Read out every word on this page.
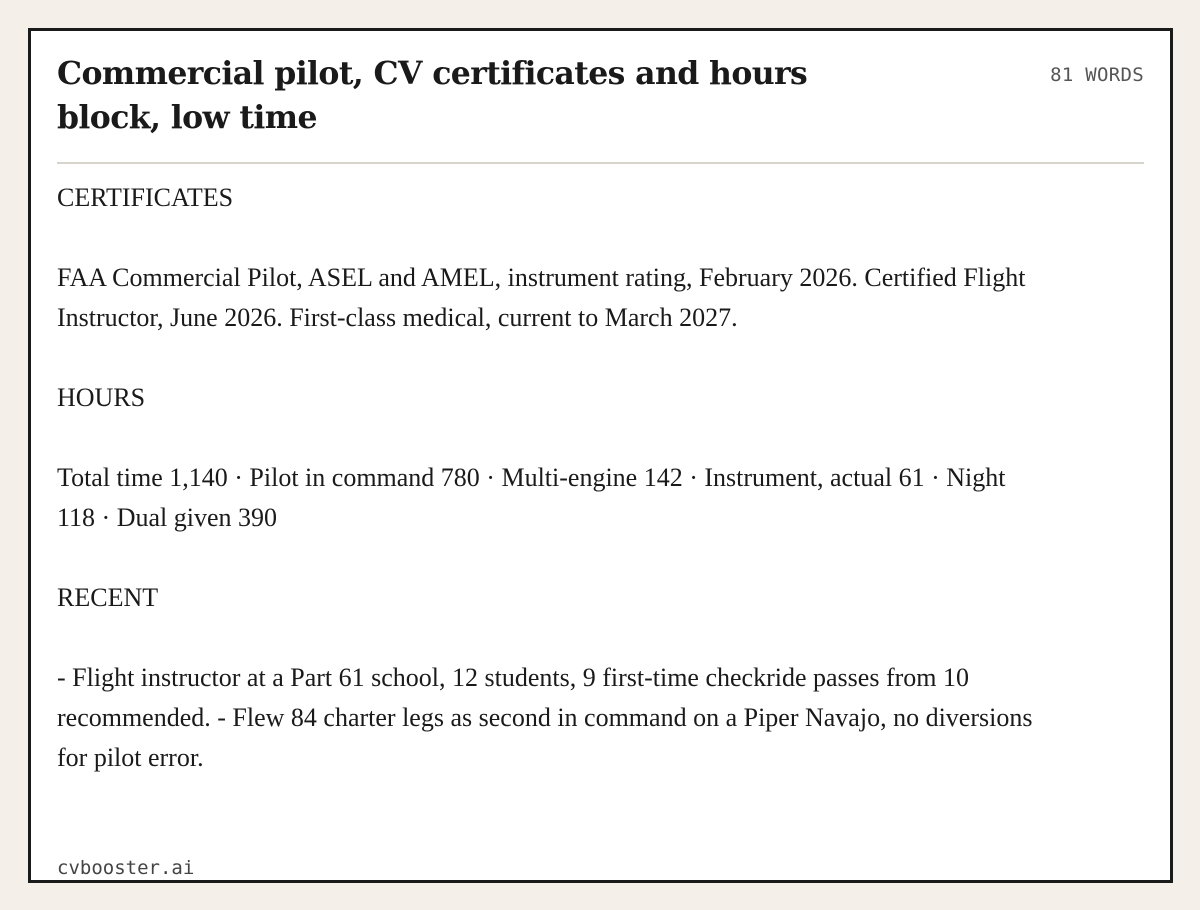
Commercial pilot, CV certificates and hours block, low time
81 WORDS

CERTIFICATES

FAA Commercial Pilot, ASEL and AMEL, instrument rating, February 2026. Certified Flight Instructor, June 2026. First-class medical, current to March 2027.

HOURS

Total time 1,140 · Pilot in command 780 · Multi-engine 142 · Instrument, actual 61 · Night 118 · Dual given 390

RECENT

- Flight instructor at a Part 61 school, 12 students, 9 first-time checkride passes from 10 recommended. - Flew 84 charter legs as second in command on a Piper Navajo, no diversions for pilot error.

cvbooster.ai
